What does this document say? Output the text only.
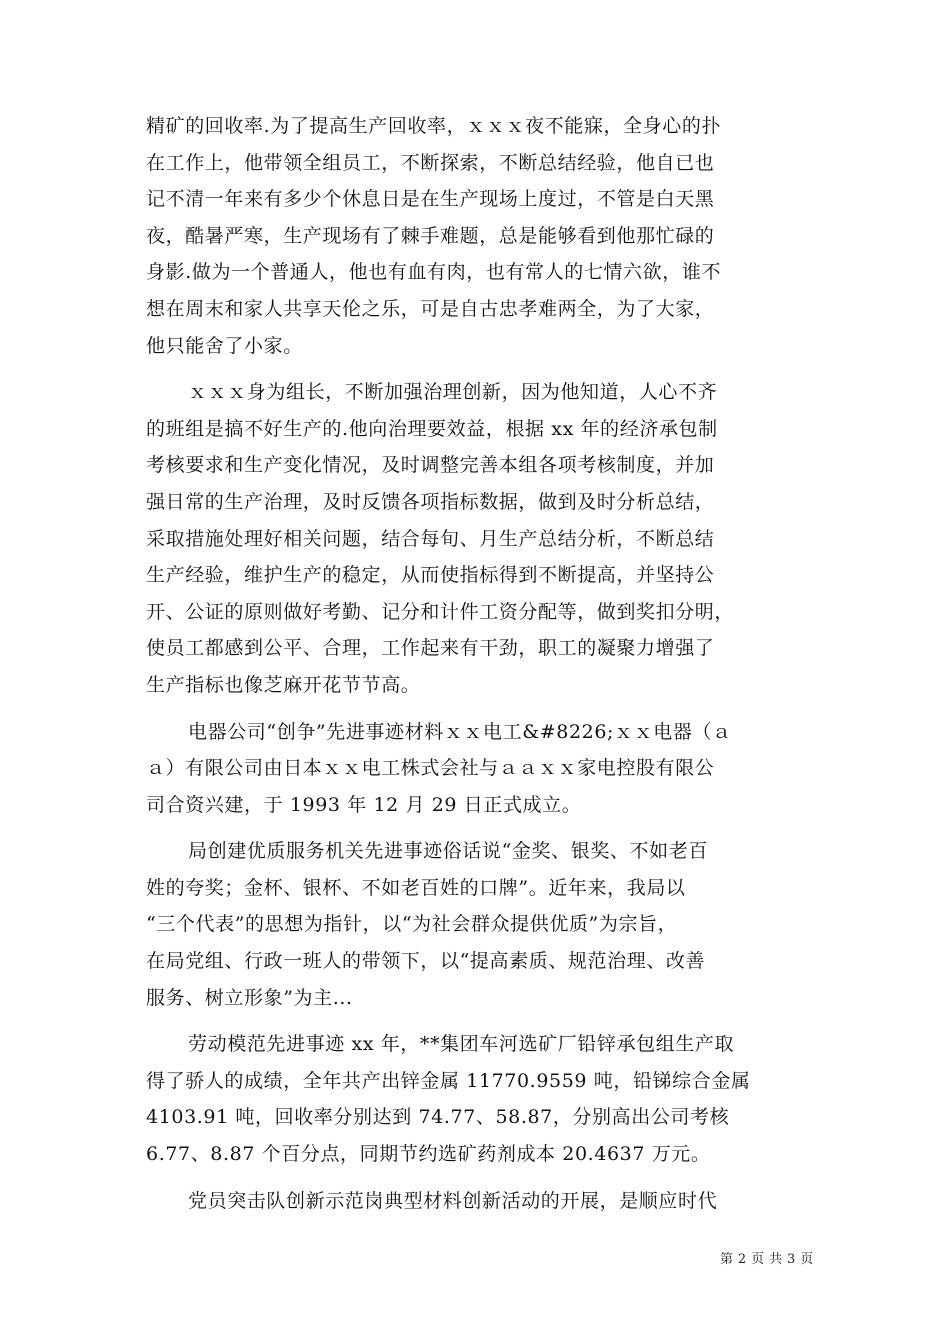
精矿的回收率.为了提高生产回收率，ｘｘｘ夜不能寐，全身心的扑
在工作上，他带领全组员工，不断探索，不断总结经验，他自已也
记不清一年来有多少个休息日是在生产现场上度过，不管是白天黑
夜，酷暑严寒，生产现场有了棘手难题，总是能够看到他那忙碌的
身影.做为一个普通人，他也有血有肉，也有常人的七情六欲，谁不
想在周末和家人共享天伦之乐，可是自古忠孝难两全，为了大家，
他只能舍了小家。

ｘｘｘ身为组长，不断加强治理创新，因为他知道，人心不齐
的班组是搞不好生产的.他向治理要效益，根据 xx 年的经济承包制
考核要求和生产变化情况，及时调整完善本组各项考核制度，并加
强日常的生产治理，及时反馈各项指标数据，做到及时分析总结，
采取措施处理好相关问题，结合每旬、月生产总结分析，不断总结
生产经验，维护生产的稳定，从而使指标得到不断提高，并坚持公
开、公证的原则做好考勤、记分和计件工资分配等，做到奖扣分明，
使员工都感到公平、合理，工作起来有干劲，职工的凝聚力增强了
生产指标也像芝麻开花节节高。

电器公司“创争”先进事迹材料ｘｘ电工&#8226;ｘｘ电器（ａ
ａ）有限公司由日本ｘｘ电工株式会社与ａａｘｘ家电控股有限公
司合资兴建，于 1993 年 12 月 29 日正式成立。

局创建优质服务机关先进事迹俗话说“金奖、银奖、不如老百
姓的夸奖；金杯、银杯、不如老百姓的口牌”。近年来，我局以
“三个代表”的思想为指针，以“为社会群众提供优质”为宗旨，
在局党组、行政一班人的带领下，以“提高素质、规范治理、改善
服务、树立形象”为主...

劳动模范先进事迹 xx 年，**集团车河选矿厂铅锌承包组生产取
得了骄人的成绩，全年共产出锌金属 11770.9559 吨，铅锑综合金属
4103.91 吨，回收率分别达到 74.77、58.87，分别高出公司考核
6.77、8.87 个百分点，同期节约选矿药剂成本 20.4637 万元。

党员突击队创新示范岗典型材料创新活动的开展，是顺应时代

第 2 页 共 3 页
